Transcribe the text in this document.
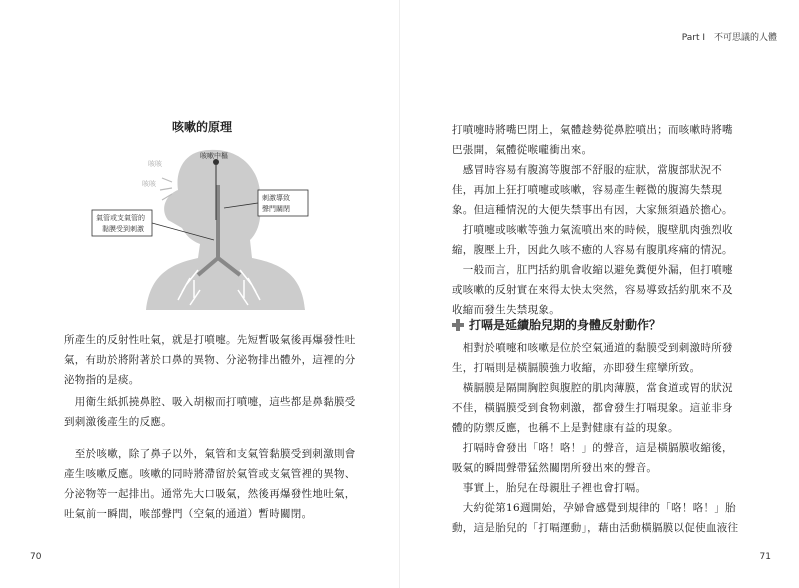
咳嗽的原理
咳嗽中樞
咳咳
咳咳
刺激導致
聲門關閉
氣管或支氣管的
黏膜受到刺激
所產生的反射性吐氣，就是打噴嚏。先短暫吸氣後再爆發性吐氣，有助於將附著於口鼻的異物、分泌物排出體外，這裡的分泌物指的是痰。
　用衛生紙抓撓鼻腔、吸入胡椒而打噴嚏，這些都是鼻黏膜受到刺激後產生的反應。
　至於咳嗽，除了鼻子以外，氣管和支氣管黏膜受到刺激則會產生咳嗽反應。咳嗽的同時將滯留於氣管或支氣管裡的異物、分泌物等一起排出。通常先大口吸氣，然後再爆發性地吐氣，吐氣前一瞬間，喉部聲門（空氣的通道）暫時關閉。
70
Part I　不可思議的人體
打噴嚏時將嘴巴閉上，氣體趁勢從鼻腔噴出；而咳嗽時將嘴巴張開，氣體從喉嚨衝出來。
　感冒時容易有腹瀉等腹部不舒服的症狀，當腹部狀況不佳，再加上狂打噴嚏或咳嗽，容易產生輕微的腹瀉失禁現象。但這種情況的大便失禁事出有因，大家無須過於擔心。
　打噴嚏或咳嗽等強力氣流噴出來的時候，腹壁肌肉強烈收縮，腹壓上升，因此久咳不癒的人容易有腹肌疼痛的情況。
　一般而言，肛門括約肌會收縮以避免糞便外漏，但打噴嚏或咳嗽的反射實在來得太快太突然，容易導致括約肌來不及收縮而發生失禁現象。
打嗝是延續胎兒期的身體反射動作？
　相對於噴嚏和咳嗽是位於空氣通道的黏膜受到刺激時所發生，打嗝則是橫膈膜強力收縮，亦即發生痙攣所致。
　橫膈膜是隔開胸腔與腹腔的肌肉薄膜，當食道或胃的狀況不佳，橫膈膜受到食物刺激，都會發生打嗝現象。這並非身體的防禦反應，也稱不上是對健康有益的現象。
　打嗝時會發出「咯！咯！」的聲音，這是橫膈膜收縮後，吸氣的瞬間聲帶猛然關閉所發出來的聲音。
　事實上，胎兒在母親肚子裡也會打嗝。
　大約從第16週開始，孕婦會感覺到規律的「咯！咯！」胎動，這是胎兒的「打嗝運動」，藉由活動橫膈膜以促使血液往
71
